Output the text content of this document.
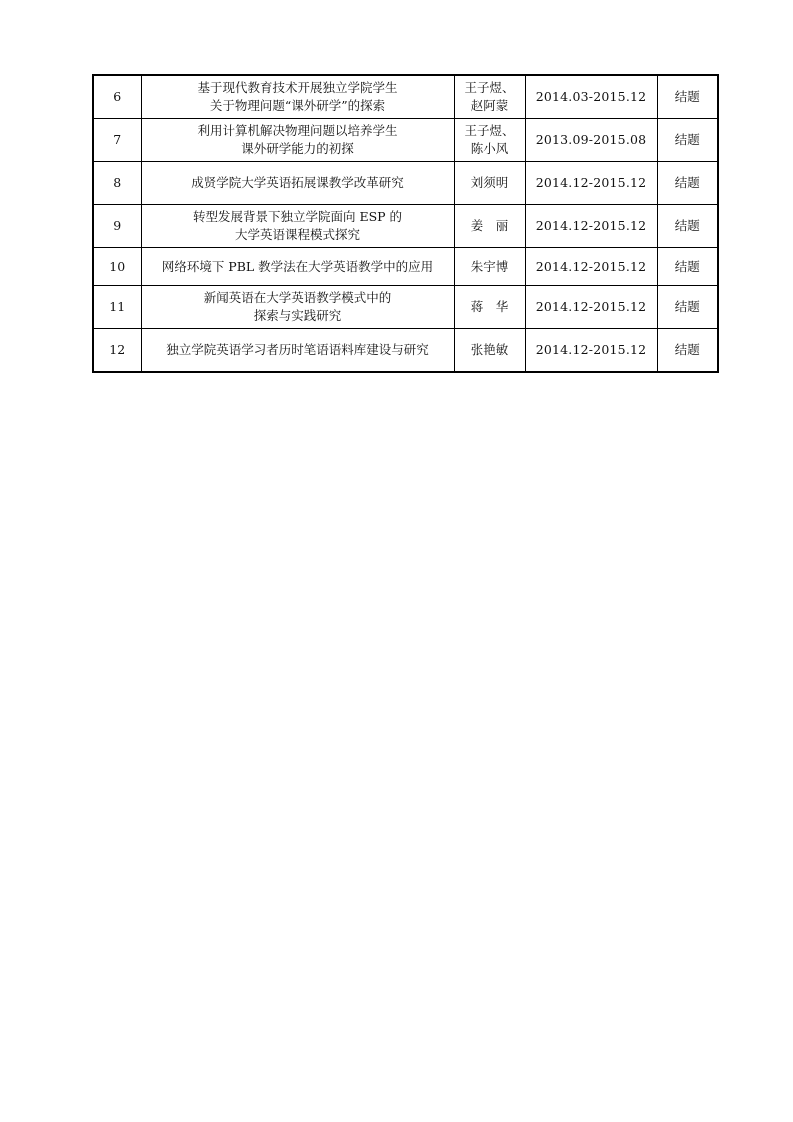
6	基于现代教育技术开展独立学院学生
关于物理问题“课外研学”的探索	王子煜、
赵阿蒙	2014.03-2015.12	结题
7	利用计算机解决物理问题以培养学生
课外研学能力的初探	王子煜、
陈小风	2013.09-2015.08	结题
8	成贤学院大学英语拓展课教学改革研究	刘须明	2014.12-2015.12	结题
9	转型发展背景下独立学院面向 ESP 的
大学英语课程模式探究	姜　丽	2014.12-2015.12	结题
10	网络环境下 PBL 教学法在大学英语教学中的应用	朱宇博	2014.12-2015.12	结题
11	新闻英语在大学英语教学模式中的
探索与实践研究	蒋　华	2014.12-2015.12	结题
12	独立学院英语学习者历时笔语语料库建设与研究	张艳敏	2014.12-2015.12	结题
